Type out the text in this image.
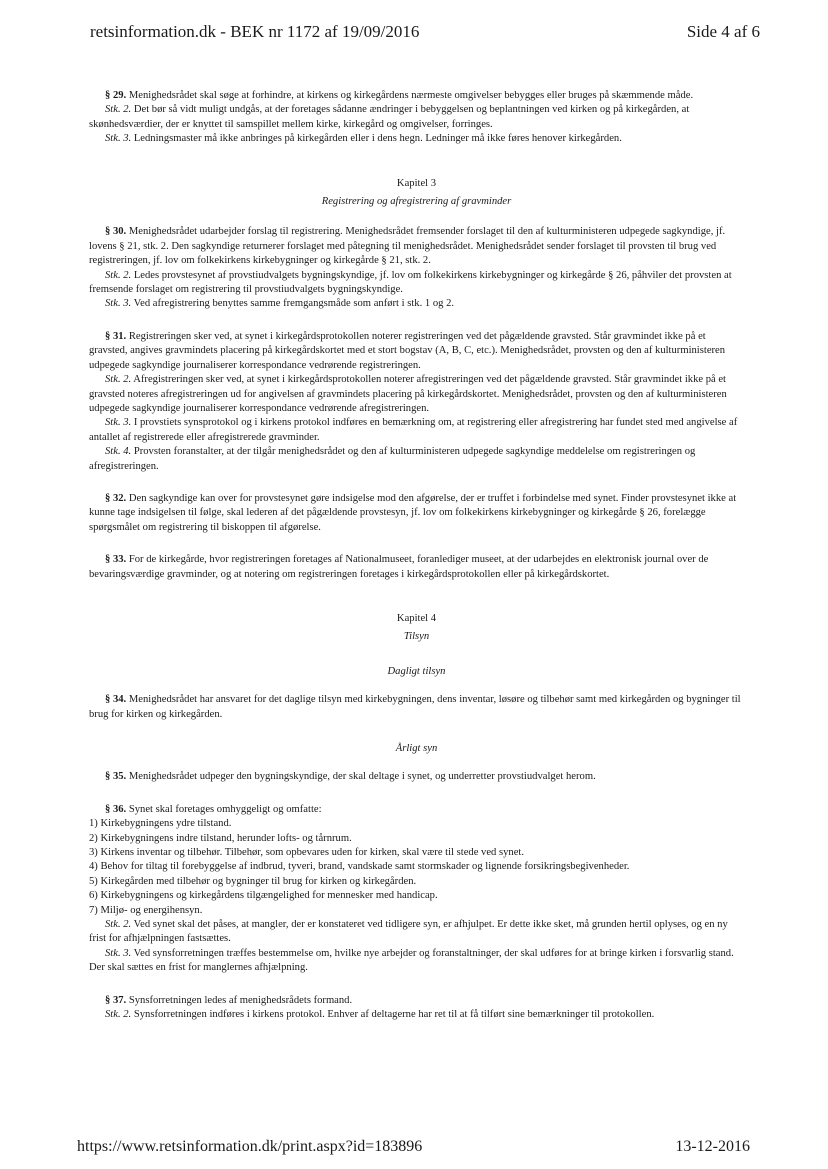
retsinformation.dk - BEK nr 1172 af 19/09/2016	Side 4 af 6

§ 29. Menighedsrådet skal søge at forhindre, at kirkens og kirkegårdens nærmeste omgivelser bebygges eller bruges på skæmmende måde.

Stk. 2. Det bør så vidt muligt undgås, at der foretages sådanne ændringer i bebyggelsen og beplantningen ved kirken og på kirkegården, at skønhedsværdier, der er knyttet til samspillet mellem kirke, kirkegård og omgivelser, forringes.

Stk. 3. Ledningsmaster må ikke anbringes på kirkegården eller i dens hegn. Ledninger må ikke føres henover kirkegården.

Kapitel 3

Registrering og afregistrering af gravminder

§ 30. Menighedsrådet udarbejder forslag til registrering. Menighedsrådet fremsender forslaget til den af kulturministeren udpegede sagkyndige, jf. lovens § 21, stk. 2. Den sagkyndige returnerer forslaget med påtegning til menighedsrådet. Menighedsrådet sender forslaget til provsten til brug ved registreringen, jf. lov om folkekirkens kirkebygninger og kirkegårde § 21, stk. 2.

Stk. 2. Ledes provstesynet af provstiudvalgets bygningskyndige, jf. lov om folkekirkens kirkebygninger og kirkegårde § 26, påhviler det provsten at fremsende forslaget om registrering til provstiudvalgets bygningskyndige.

Stk. 3. Ved afregistrering benyttes samme fremgangsmåde som anført i stk. 1 og 2.

§ 31. Registreringen sker ved, at synet i kirkegårdsprotokollen noterer registreringen ved det pågældende gravsted. Står gravmindet ikke på et gravsted, angives gravmindets placering på kirkegårdskortet med et stort bogstav (A, B, C, etc.). Menighedsrådet, provsten og den af kulturministeren udpegede sagkyndige journaliserer korrespondance vedrørende registreringen.

Stk. 2. Afregistreringen sker ved, at synet i kirkegårdsprotokollen noterer afregistreringen ved det pågældende gravsted. Står gravmindet ikke på et gravsted noteres afregistreringen ud for angivelsen af gravmindets placering på kirkegårdskortet. Menighedsrådet, provsten og den af kulturministeren udpegede sagkyndige journaliserer korrespondance vedrørende afregistreringen.

Stk. 3. I provstiets synsprotokol og i kirkens protokol indføres en bemærkning om, at registrering eller afregistrering har fundet sted med angivelse af antallet af registrerede eller afregistrerede gravminder.

Stk. 4. Provsten foranstalter, at der tilgår menighedsrådet og den af kulturministeren udpegede sagkyndige meddelelse om registreringen og afregistreringen.

§ 32. Den sagkyndige kan over for provstesynet gøre indsigelse mod den afgørelse, der er truffet i forbindelse med synet. Finder provstesynet ikke at kunne tage indsigelsen til følge, skal lederen af det pågældende provstesyn, jf. lov om folkekirkens kirkebygninger og kirkegårde § 26, forelægge spørgsmålet om registrering til biskoppen til afgørelse.

§ 33. For de kirkegårde, hvor registreringen foretages af Nationalmuseet, foranlediger museet, at der udarbejdes en elektronisk journal over de bevaringsværdige gravminder, og at notering om registreringen foretages i kirkegårdsprotokollen eller på kirkegårdskortet.

Kapitel 4

Tilsyn

Dagligt tilsyn

§ 34. Menighedsrådet har ansvaret for det daglige tilsyn med kirkebygningen, dens inventar, løsøre og tilbehør samt med kirkegården og bygninger til brug for kirken og kirkegården.

Årligt syn

§ 35. Menighedsrådet udpeger den bygningskyndige, der skal deltage i synet, og underretter provstiudvalget herom.

§ 36. Synet skal foretages omhyggeligt og omfatte:

1) Kirkebygningens ydre tilstand.

2) Kirkebygningens indre tilstand, herunder lofts- og tårnrum.

3) Kirkens inventar og tilbehør. Tilbehør, som opbevares uden for kirken, skal være til stede ved synet.

4) Behov for tiltag til forebyggelse af indbrud, tyveri, brand, vandskade samt stormskader og lignende forsikringsbegivenheder.

5) Kirkegården med tilbehør og bygninger til brug for kirken og kirkegården.

6) Kirkebygningens og kirkegårdens tilgængelighed for mennesker med handicap.

7) Miljø- og energihensyn.

Stk. 2. Ved synet skal det påses, at mangler, der er konstateret ved tidligere syn, er afhjulpet. Er dette ikke sket, må grunden hertil oplyses, og en ny frist for afhjælpningen fastsættes.

Stk. 3. Ved synsforretningen træffes bestemmelse om, hvilke nye arbejder og foranstaltninger, der skal udføres for at bringe kirken i forsvarlig stand. Der skal sættes en frist for manglernes afhjælpning.

§ 37. Synsforretningen ledes af menighedsrådets formand.

Stk. 2. Synsforretningen indføres i kirkens protokol. Enhver af deltagerne har ret til at få tilført sine bemærkninger til protokollen.

https://www.retsinformation.dk/print.aspx?id=183896	13-12-2016
